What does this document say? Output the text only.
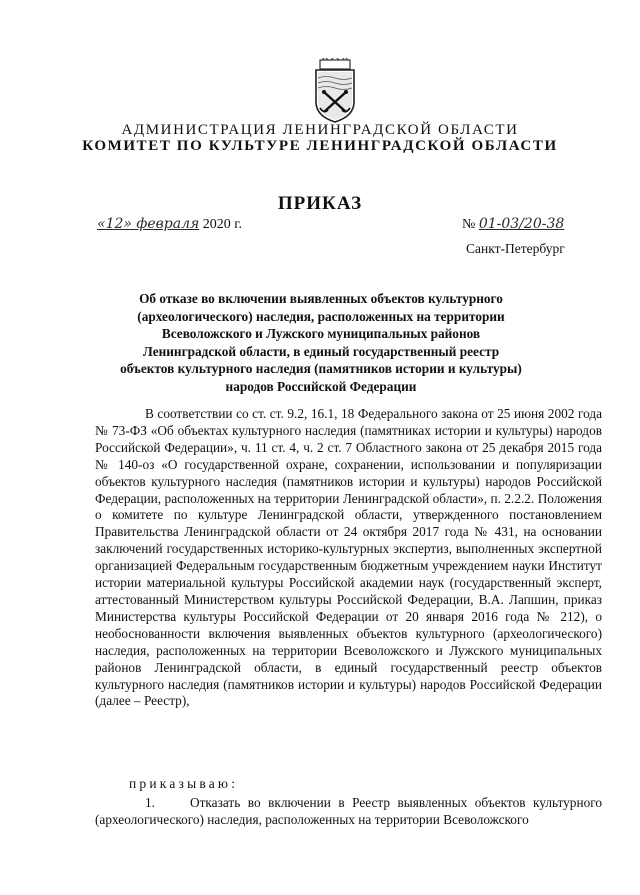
АДМИНИСТРАЦИЯ ЛЕНИНГРАДСКОЙ ОБЛАСТИ
КОМИТЕТ ПО КУЛЬТУРЕ ЛЕНИНГРАДСКОЙ ОБЛАСТИ
ПРИКАЗ
«12» февраля 2020 г.	№ 01-03/20-38
Санкт-Петербург
Об отказе во включении выявленных объектов культурного (археологического) наследия, расположенных на территории Всеволожского и Лужского муниципальных районов Ленинградской области, в единый государственный реестр объектов культурного наследия (памятников истории и культуры) народов Российской Федерации

В соответствии со ст. ст. 9.2, 16.1, 18 Федерального закона от 25 июня 2002 года № 73-ФЗ «Об объектах культурного наследия (памятниках истории и культуры) народов Российской Федерации», ч. 11 ст. 4, ч. 2 ст. 7 Областного закона от 25 декабря 2015 года № 140-оз «О государственной охране, сохранении, использовании и популяризации объектов культурного наследия (памятников истории и культуры) народов Российской Федерации, расположенных на территории Ленинградской области», п. 2.2.2. Положения о комитете по культуре Ленинградской области, утвержденного постановлением Правительства Ленинградской области от 24 октября 2017 года № 431, на основании заключений государственных историко-культурных экспертиз, выполненных экспертной организацией Федеральным государственным бюджетным учреждением науки Институт истории материальной культуры Российской академии наук (государственный эксперт, аттестованный Министерством культуры Российской Федерации, В.А. Лапшин, приказ Министерства культуры Российской Федерации от 20 января 2016 года № 212), о необоснованности включения выявленных объектов культурного (археологического) наследия, расположенных на территории Всеволожского и Лужского муниципальных районов Ленинградской области, в единый государственный реестр объектов культурного наследия (памятников истории и культуры) народов Российской Федерации (далее – Реестр),

приказываю:

1.	Отказать во включении в Реестр выявленных объектов культурного (археологического) наследия, расположенных на территории Всеволожского
